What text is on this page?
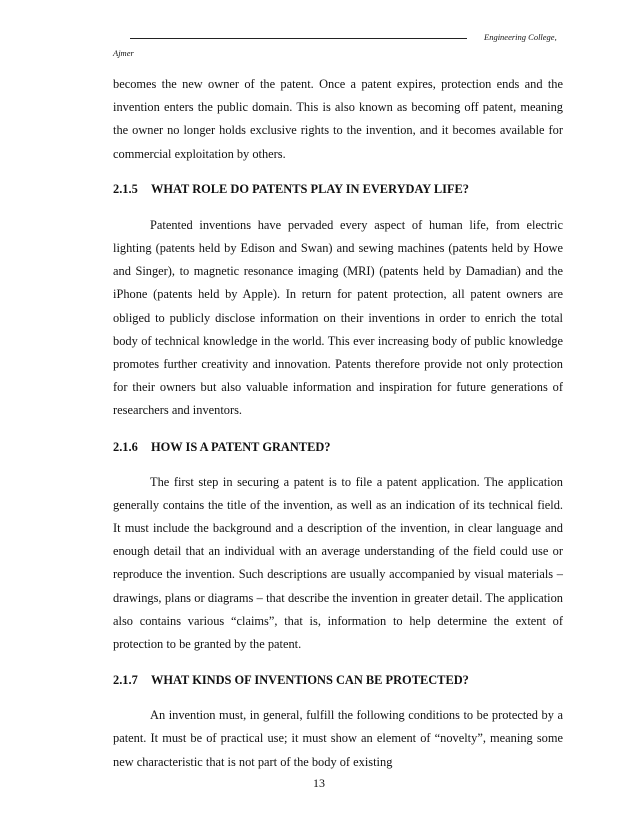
Engineering College,
Ajmer

becomes the new owner of the patent. Once a patent expires, protection ends and the invention enters the public domain. This is also known as becoming off patent, meaning the owner no longer holds exclusive rights to the invention, and it becomes available for commercial exploitation by others.

2.1.5 WHAT ROLE DO PATENTS PLAY IN EVERYDAY LIFE?

Patented inventions have pervaded every aspect of human life, from electric lighting (patents held by Edison and Swan) and sewing machines (patents held by Howe and Singer), to magnetic resonance imaging (MRI) (patents held by Damadian) and the iPhone (patents held by Apple). In return for patent protection, all patent owners are obliged to publicly disclose information on their inventions in order to enrich the total body of technical knowledge in the world. This ever increasing body of public knowledge promotes further creativity and innovation. Patents therefore provide not only protection for their owners but also valuable information and inspiration for future generations of researchers and inventors.

2.1.6 HOW IS A PATENT GRANTED?

The first step in securing a patent is to file a patent application. The application generally contains the title of the invention, as well as an indication of its technical field. It must include the background and a description of the invention, in clear language and enough detail that an individual with an average understanding of the field could use or reproduce the invention. Such descriptions are usually accompanied by visual materials –drawings, plans or diagrams – that describe the invention in greater detail. The application also contains various “claims”, that is, information to help determine the extent of protection to be granted by the patent.

2.1.7 WHAT KINDS OF INVENTIONS CAN BE PROTECTED?

An invention must, in general, fulfill the following conditions to be protected by a patent. It must be of practical use; it must show an element of “novelty”, meaning some new characteristic that is not part of the body of existing

13
